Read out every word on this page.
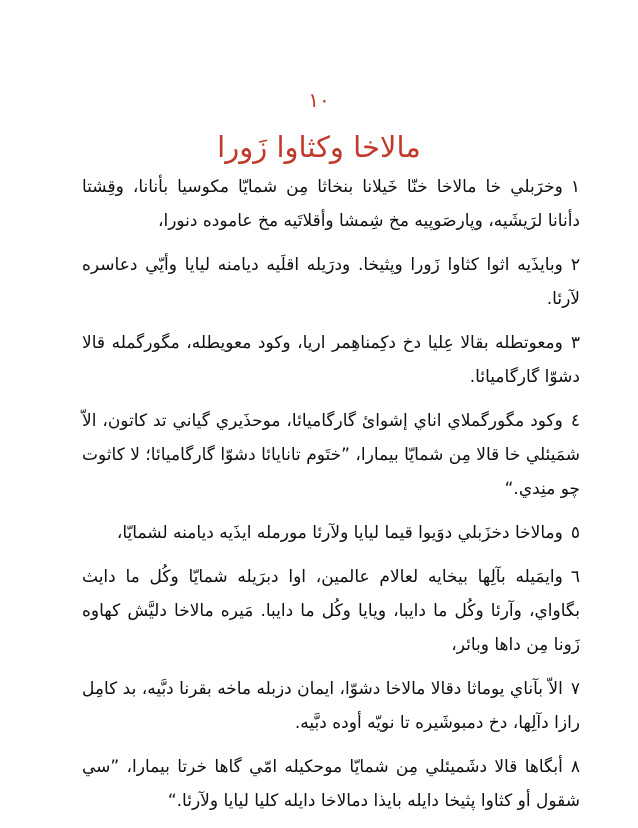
١٠
مالاخا وكثاوا زَورا

١وخرَبلي خا مالاخا خنّا خَيلانا بنخاثا مِن شمايّا مكوسيا بأنانا، وقِشتا دأنانا لرَيشَيه، وپارصَوپيه مخ شِمشا وأقلاتَيه مخ عاموده دنورا،

٢وبايذَيه اثوا كثاوا زَورا وپثيخا. ودرَيله اقلَيه ديامنه ليايا وأيّي دعاسره لآرئا.

٣ومعوتطله بقالا عِليا دخ دكِمناهِمر اريا، وكود معويطله، مگورگمله قالا دشوّا گارگاميائا.

٤وكود مگورگملاي اناي إشوائ گارگاميائا، موحذَيري گياني تد كاتون، الاّ شمَيئلي خا قالا مِن شمايّا بيمارا، ”ختَوم تانايائا دشوّا گارگاميائا؛ لا كاثوت چو منِدي.“

٥ومالاخا دخزَبلي دوَيوا قيما ليايا ولآرئا مورمله ايذَيه ديامنه لشمايّا،

٦وايمَيله بآلِها بيخايه لعالام عالمين، اوا دبرَيله شمايّا وكُل ما دايث بگاواي، وآرئا وكُل ما دايبا، ويايا وكُل ما دايبا. مَيره مالاخا دليَّش كهاوه زَونا مِن داها وبائر،

٧الاّ بآناي يوماثا دقالا مالاخا دشوّا، ايمان دزبله ماخه بقرنا دبَّيه، بد كامِل رازا دآلِها، دخ دمبوشَيره تا نويّه أوده دبَّيه.

٨أبگاها قالا دشَميئلي مِن شمايّا موحكيله امّي گاها خرتا بيمارا، ”سي شقول أو كثاوا پثيخا دايله بايذا دمالاخا دايله كليا ليايا ولآرئا.“
